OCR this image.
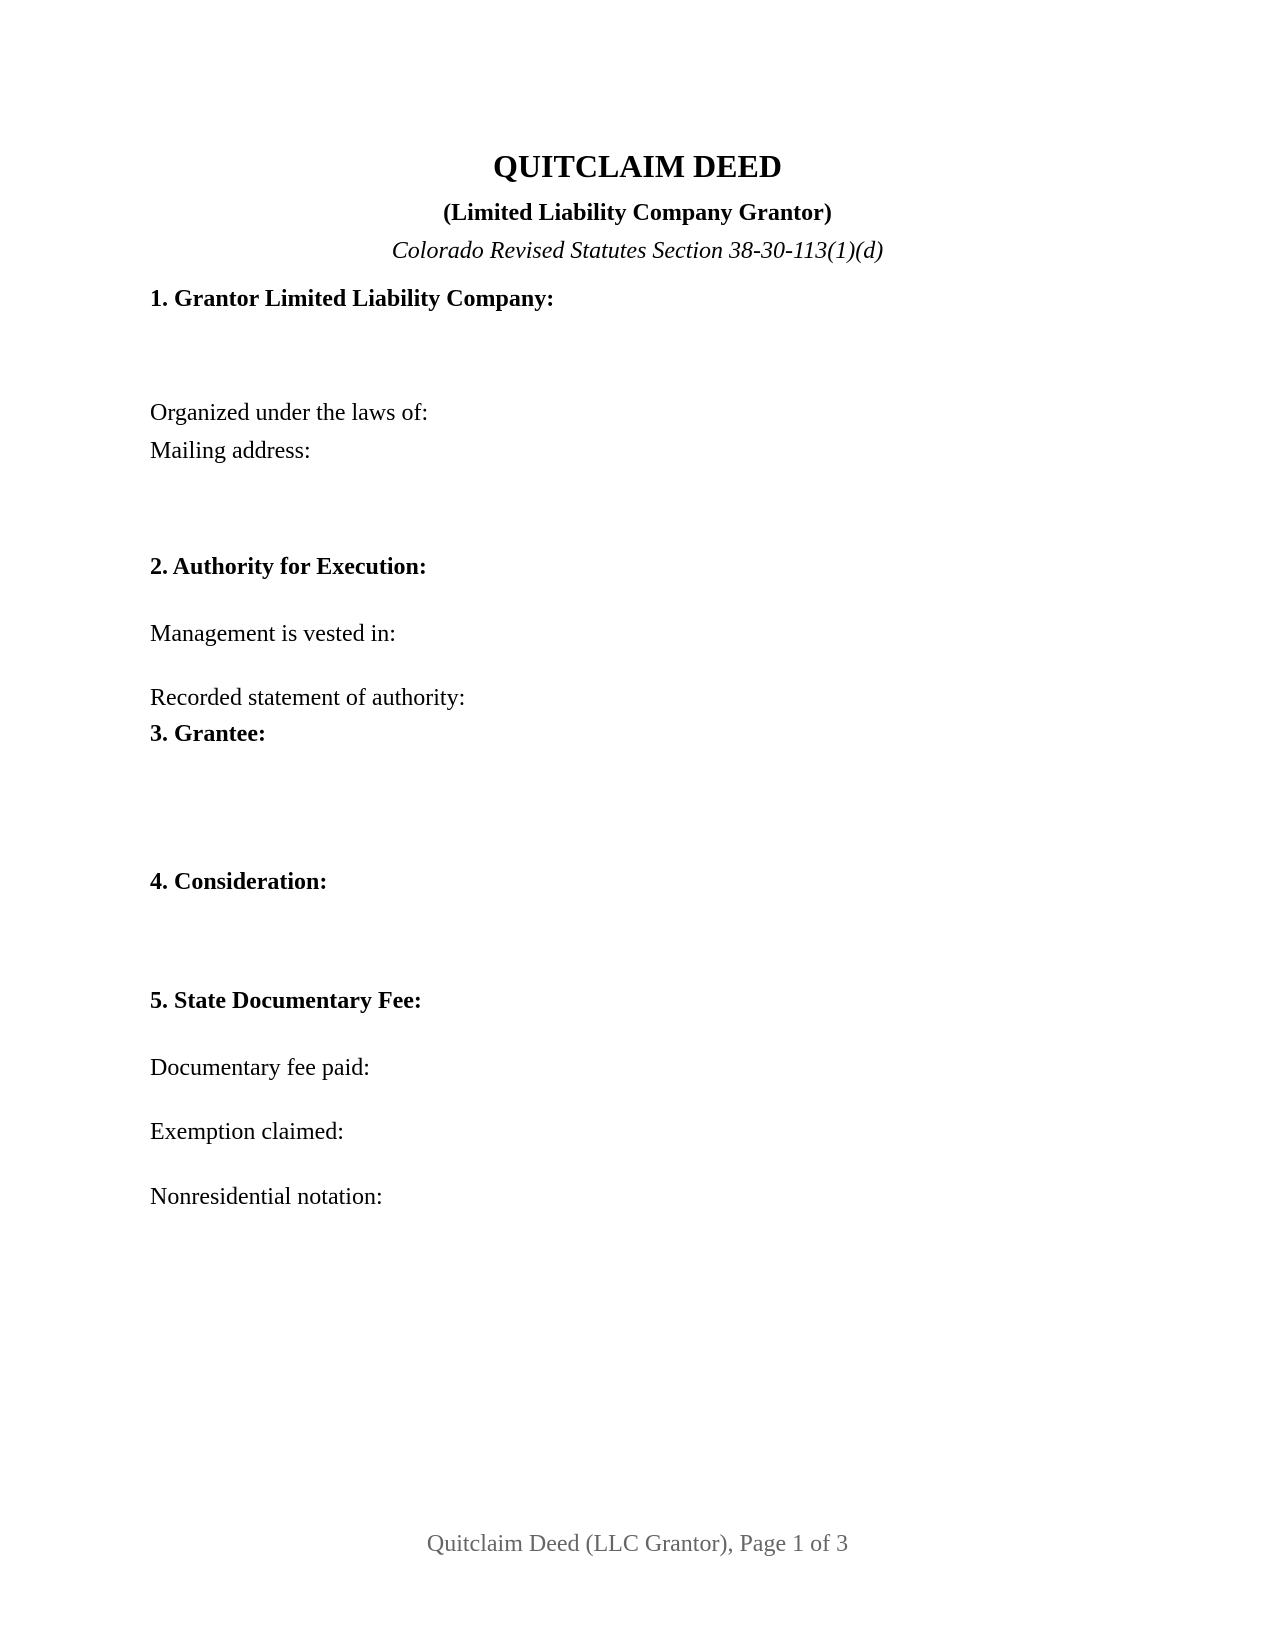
QUITCLAIM DEED
(Limited Liability Company Grantor)
Colorado Revised Statutes Section 38-30-113(1)(d)
1. Grantor Limited Liability Company:
Organized under the laws of:
Mailing address:
2. Authority for Execution:
Management is vested in:
Recorded statement of authority:
3. Grantee:
4. Consideration:
5. State Documentary Fee:
Documentary fee paid:
Exemption claimed:
Nonresidential notation:
Quitclaim Deed (LLC Grantor), Page 1 of 3
